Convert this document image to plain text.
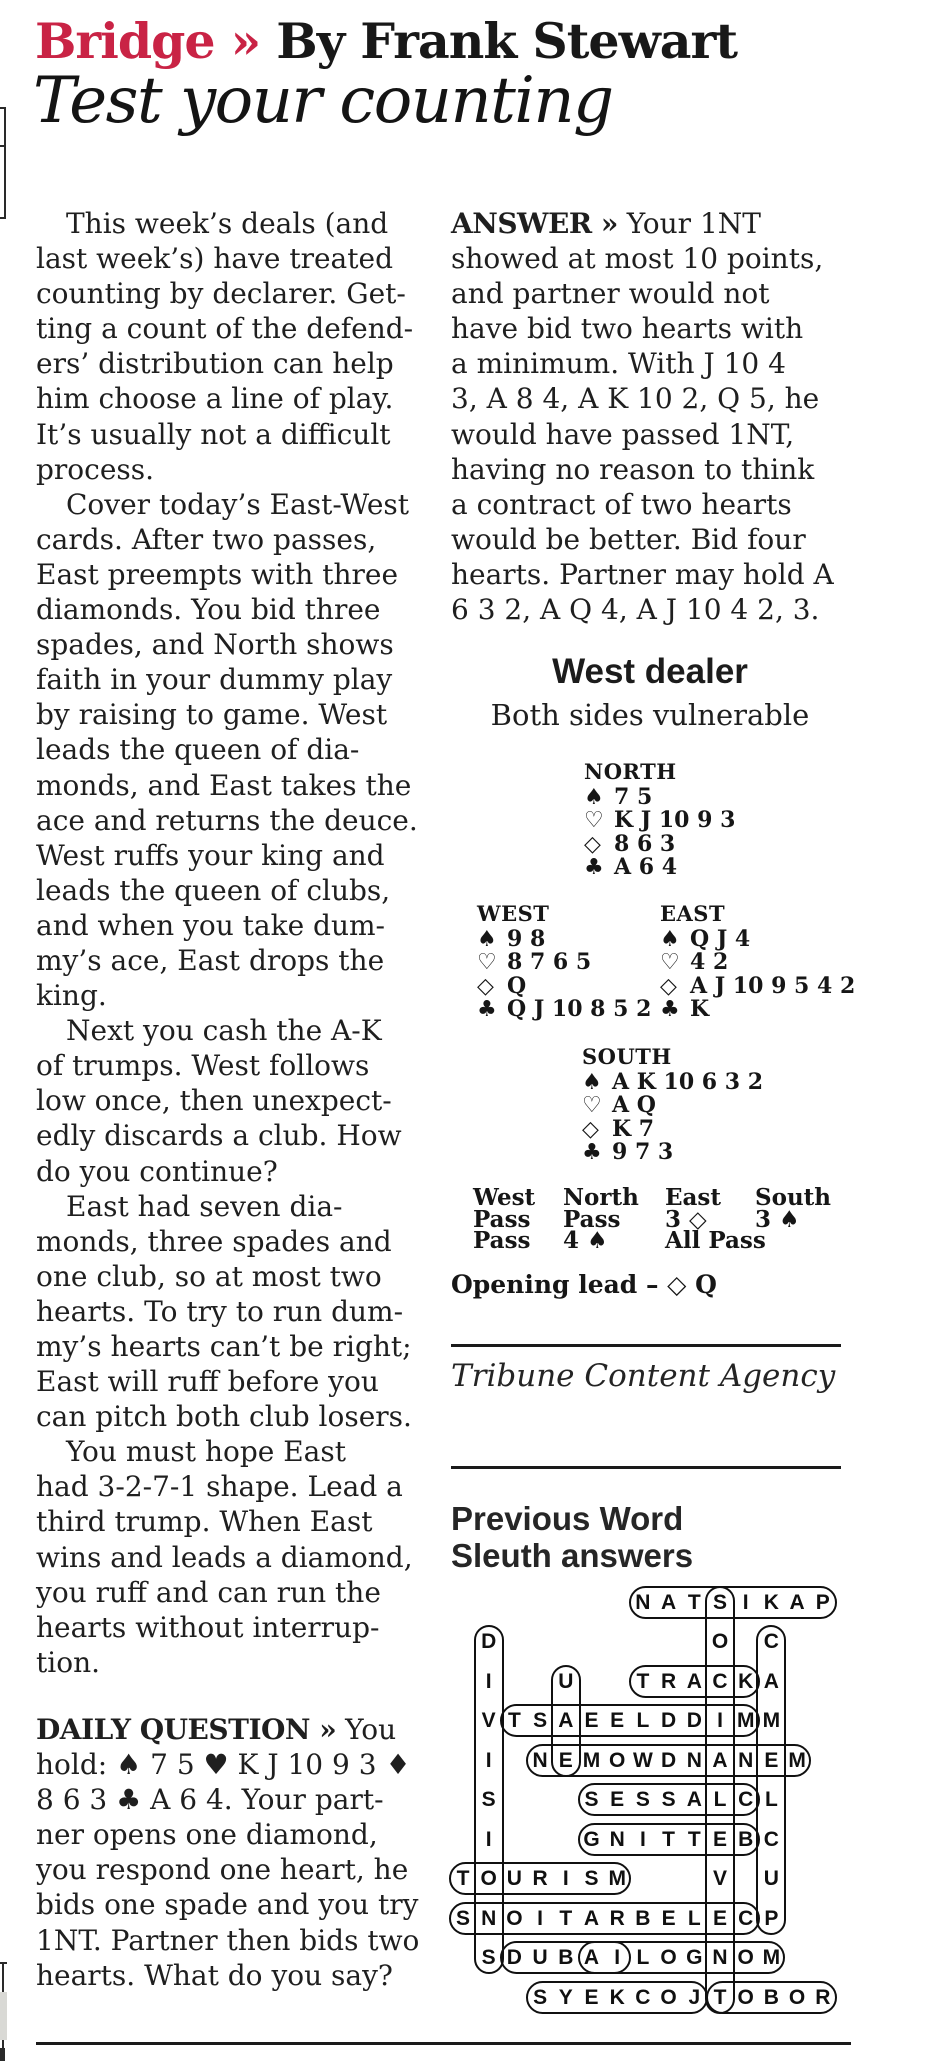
Bridge » By Frank Stewart
Test your counting
This week’s deals (and
last week’s) have treated
counting by declarer. Get-
ting a count of the defend-
ers’ distribution can help
him choose a line of play.
It’s usually not a difficult
process.
Cover today’s East-West
cards. After two passes,
East preempts with three
diamonds. You bid three
spades, and North shows
faith in your dummy play
by raising to game. West
leads the queen of dia-
monds, and East takes the
ace and returns the deuce.
West ruffs your king and
leads the queen of clubs,
and when you take dum-
my’s ace, East drops the
king.
Next you cash the A-K
of trumps. West follows
low once, then unexpect-
edly discards a club. How
do you continue?
East had seven dia-
monds, three spades and
one club, so at most two
hearts. To try to run dum-
my’s hearts can’t be right;
East will ruff before you
can pitch both club losers.
You must hope East
had 3-2-7-1 shape. Lead a
third trump. When East
wins and leads a diamond,
you ruff and can run the
hearts without interrup-
tion.
DAILY QUESTION » You
hold: ♠ 7 5 ♥ K J 10 9 3 ♦
8 6 3 ♣ A 6 4. Your part-
ner opens one diamond,
you respond one heart, he
bids one spade and you try
1NT. Partner then bids two
hearts. What do you say?
ANSWER » Your 1NT
showed at most 10 points,
and partner would not
have bid two hearts with
a minimum. With J 10 4
3, A 8 4, A K 10 2, Q 5, he
would have passed 1NT,
having no reason to think
a contract of two hearts
would be better. Bid four
hearts. Partner may hold A
6 3 2, A Q 4, A J 10 4 2, 3.
West dealer
Both sides vulnerable
NORTH
♠ 7 5
♡ K J 10 9 3
◇ 8 6 3
♣ A 6 4
WEST
♠ 9 8
♡ 8 7 6 5
◇ Q
♣ Q J 10 8 5 2
EAST
♠ Q J 4
♡ 4 2
◇ A J 10 9 5 4 2
♣ K
SOUTH
♠ A K 10 6 3 2
♡ A Q
◇ K 7
♣ 9 7 3
West North East South
Pass Pass 3 ◇ 3 ♠
Pass 4 ♠ All Pass
Opening lead – ◇ Q
Tribune Content Agency
Previous Word
Sleuth answers
N A T S I K A P
D	O C
I	U	T R A C K A
V T S A E E L D D I M M
I	N E M O W D N A N E M
S	S E S S A L C L
I	G N I T T E B C
T O U R I S M	V	U
S N O I T A R B E L E C P
S D U B A I L O G N O M
S Y E K C O J T O B O R
